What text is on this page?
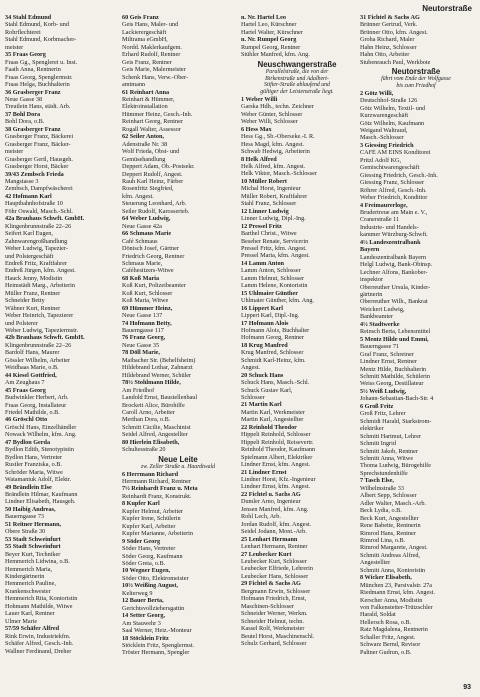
Neutorstraße
34 Stahl Edmund
Stahl Edmund, Korb- und
Rohrflechterei
Stahl Edmund, Korbmacher-
meister
35 Fraas Georg
Fraas Gg., Spenglerei u. Inst.
Faath Anna, Rentnerin
Fraas Georg, Spenglermstr.
Fraas Helga, Buchhalterin
36 Grasberger Franz
Neue Gasse 38
Treutlein Hans, städt. Arb.
37 Bohl Dora
Bohl Dora, o.B.
38 Grasberger Franz
Grasberger Franz, Bäckerei
Grasberger Franz, Bäcker-
meister
Grasberger Gertl, Hausgeh.
Grasberger Horst, Bäcker
39/43 Zembsch Frieda
Mangstasse 3
Zembsch, Dampfwäscherei
42 Hofmann Karl
Hauptbahnhofstraße 10
Föhr Oswald, Masch.-Schl.
42a Brauhaus Schwft. GmbH.
Klingenbrunnstraße 22–26
Seifert Karl Eugen,
Zahnwarengroßhandlung
Weber Ludwig, Tapezier-
und Polstergeschäft
Endreß Fritz, Kraftfahrer
Endreß Jürgen, kfm. Angest.
Hauck Jenny, Modistin
Heimstädt Marg., Arbeiterin
Müller Franz, Rentner
Schneider Betty
Wähner Kurt, Rentner
Weber Heinrich, Tapezierer
und Polsterer
Weber Ludwig, Tapeziermstr.
42b Brauhaus Schwft. GmbH.
Klingenbrunnstraße 22–26
Bardolf Hans, Maurer
Gössler Wilhelm, Arbeiter
Weidhaas Marie, o.B.
44 Kiesel Gottfried,
Am Zeughaus 7
45 Fraas Georg
Budwinkler Herbert, Arb.
Fraas Georg, Installateur
Friedel Mathilde, o.B.
46 Gröschl Otto
Gröschl Hans, Einzelhändler
Nowack Wilhelm, kfm. Ang.
47 Bydlon Gerda
Bydlon Edith, Stenotypistin
Bydlon Hans, Vertreter
Rustler Franziska, o.B.
Schröder Maria, Witwe
Watamaniuk Adolf, Elektr.
49 Brändlein Else
Brändlein Hilmar, Kaufmann
Lindner Elisabeth, Hausgeh.
50 Haibig Andreas,
Bauerngasse 73
51 Reitner Hermann,
Obere Straße 30
53 Stadt Schweinfurt
55 Stadt Schweinfurt
Beyer Kurt, Techniker
Hemmerich Lidwina, o.B.
Hemmerich Maria,
Kindergärtnerin
Hemmerich Pauline,
Krankenschwester
Hemmerich Rita, Kontoristin
Hohmann Mathilde, Witwe
Lauer Karl, Rentner
Ulmer Marie
57/59 Schäfer Alfred
Rink Erwin, Industriekfm.
Schäfer Alfred, Gesch.-Inh.
Wallner Ferdinand, Dreher
60 Geis Franz
Geis Hans, Maler- und
Lackierergeschäft
Miltrama eGmbH,
Nordd. Maklerkaufgem.
Erhard Rudolf, Rentner
Geis Franz, Rentner
Geis Marie, Malermeister
Schenk Hans, Verw.-Ober-
amtmann
61 Reinhart Anna
Reinhart & Hümmer,
Elektroinstallation
Hümmer Heinz, Gesch.-Inh.
Reinhart Georg, Rentner
Rogall Walter, Assessor
62 Seiler Anton,
Adenstraße Nr. 38
Wolf Frieda, Obst- und
Gemüsehandlung
Deppert Adam, Ob.-Postsekr.
Deppert Rudolf, Angest.
Rauh Karl Heinz, Färber
Rosenfritz Siegfried,
kfm. Angest.
Steuerung Leonhard, Arb.
Seiler Rudolf, Karosserieb.
64 Weber Ludwig,
Neue Gasse 42a
66 Schmaus Marie
Café Schmaus
Dönisch Josef, Gärtner
Friedrich Georg, Rentner
Schmaus Marie,
Caféhesitzers-Witwe
68 Koß Maria
Koß Kurt, Polizeibeamter
Koß Kurt, Schlosser
Koß Maria, Witwe
69 Hümmer Heinz,
Neue Gasse 137
74 Hofmann Betty,
Bauerngasse 117
76 Franz Georg,
Neue Gasse 35
78 Döll Marie,
Maibacher Str. (Behelfsheim)
Hildebrand Lothar, Zahnarzt
Hildebrand Werner, Schüler
78½ Stohlmann Hilde,
Am Friedhof
Landold Ernst, Baustellenbaul
Brockett Alice, Bürohilfe
Caroll Arno, Arbeiter
Merthan Dora, o.B.
Schmitt Cäcilie, Maschinist
Seidel Alfred, Angestellter
80 Hierlein Elisabeth,
Schultesstraße 20
Neue Leite
zw. Zeller Straße u. Haardtwald
6 Herrmann Richard
Herrmann Richard, Rentner
7½ Reinhardt Franz u. Meta
Reinhardt Franz, Konstrukt.
8 Kupfer Karl
Kupfer Helmut, Arbeiter
Kupfer Irene, Schülerin
Kupfer Karl, Arbeiter
Kupfer Marianne, Arbeiterin
9 Söder Georg
Söder Hans, Vertreter
Söder Georg, Kaufmann
Söder Greta, o.B.
10 Wegner Eugen,
Söder Otto, Elektromeister
10½ Weißing August,
Kelterweg 9
12 Bauer Berta,
Gerichtsvollziehersgattin
14 Setter Georg,
Am Stauwehr 3
Saal Werner, Heiz.-Monteur
18 Stöcklein Fritz
Stöcklein Fritz, Spenglermst.
Tröster Hermann, Spengler
n. Nr. Hartel Leo
Hartel Leo, Kürschner
Hartel Walter, Kürschner
n. Nr. Rumpel Georg
Rumpel Georg, Rentner
Stühler Manfred, kfm. Ang.
Neuschwangerstraße
Parallelstraße, die von der
Birkenstraße und Adalbert-
Stifter-Straße ablaufend und
gültiger der Leistenstraße liegt.
1 Weber Willi
Garska Hdh., techn. Zeichner
Weber Günter, Schlosser
Weber Willi, Schlosser
6 Hess Max
Hess Gg., Sb.-Oberseke.-I. R.
Hess Magd, kfm. Angest.
Schwab Hedwig, Arbeiterin
8 Helk Alfred
Helk Alfred, kfm. Angest.
Helk Viktor, Masch.-Schlosser
10 Müller Robert
Michal Horst, Ingenieur
Müller Robert, Kraftfahrer
Stahl Franz, Schlosser
12 Linner Ludwig
Linner Ludwig, Dipl.-Ing.
12 Pressel Fritz
Barthel Christ., Witwe
Beseher Renate, Servicerin
Pressel Fritz, kfm. Angest.
Pressel Maria, kfm. Angest.
14 Lamm Anton
Lamm Anton, Schlosser
Lamm Helmut, Schlosser
Lamm Helene, Kontoristin
15 Uhlmaier Günther
Uhlmaier Günther, kfm. Ang.
16 Lippert Karl
Lippert Karl, Dipl.-Ing.
17 Hofmann Alois
Hofmann Alois, Buchhalter
Hofmann Georg, Rentner
18 Krug Manfred
Krug Manfred, Schlosser
Schmidt Karl-Heinz, kfm.
Angest.
20 Schuck Hans
Schuck Hans, Masch.-Schl.
Schuck Gustav Karl,
Schlosser
21 Martin Karl
Martin Karl, Werkmeister
Martin Karl, Angestellter
22 Reinhold Theodor
Hippeli Reinhold, Schlosser
Hippeli Reinhold, Reisevertr.
Reinhold Theodor, Kaufmann
Spielmann Albert, Elektriker
Lindner Ernst, kfm. Angest.
21 Lindner Ernst
Lindner Horst, Kfz.-Ingenieur
Lindner Ernst, kfm. Angest.
22 Fichtel u. Sachs AG
Dumler Arno, Ingenieur
Jensen Manfred, kfm. Ang.
Rohl Lech, Arb.
Jordan Rudolf, kfm. Angest.
Seidel Jodann, Mont.-Arb.
25 Lenhart Hermann
Lenhart Hermann, Rentner
27 Leubecker Kurt
Leubecker Kurt, Schlosser
Leubecker Elfriede, Lehrerin
Leubecker Hans, Schlosser
29 Fichtel & Sachs AG
Bergmann Erwin, Schlosser
Hofmann Friedrich, Ernst,
Maschinen-Schlosser
Schneider Werner, Werkm.
Schneider Helmut, techn.
Kassel Rolf, Werkmeister
Beutel Horst, Maschinenschl.
Schulz Gerhard, Schlosser
31 Fichtel & Sachs AG
Brünner Gertrud, Verk.
Brünner Otto, kfm. Angest.
Groha Richard, Maler
Hahn Heinz, Schlosser
Hahn Otto, Arbeiter
Stubenrauch Paul, Werkbote
Neutorstraße
führt vom Ende der Wolfgasse
bis zum Friedhof
2 Götz Willi,
Deutschhof-Straße 126
Götz Wilhelm, Textil- und
Kurzwarengeschäft
Götz Wilhelm, Kaufmann
Weigand Waltraud,
Masch.-Schlosser
3 Giessing Friedrich
CAFÉ AM EINS Konditorei
Pritzl Adolf KG,
Gemischtwarengeschäft
Giessing Friedrich, Gesch.-Inh.
Giessing Franz, Schlosser
Röhrer Alfred, Gesch.-Inh.
Weber Friedrich, Kondittor
4 Freimaurerloge,
Brudertreue am Main e. V.,
Cranerstraße 11
Industrie- und Handels-
kammer Würzburg-Schwft.
4½ Landeszentralbank
Bayern
Landeszentralbank Bayern
Helgl Ludwig, Bank-Obinsp.
Lechner Alfons, Bankober-
inspektor
Oberreuther Ursula, Kinder-
gärtnerin
Oberreuther Wilh., Bankrat
Weickert Ludwig,
Bankbeamter
4½ Stadtwerke
Reinsch Berta, Lebensmittel
5 Mentz Hilde und Emmi,
Bauerngasse 71
Graf Franz, Schreiner
Lindner Ernst, Rentner
Mentz Hilde, Buchhalterin
Schmitt Mathilde, Schülerin
Weiss Georg, Destillateur
5½ Weiß Ludwig,
Johann-Sebastian-Bach-Str. 4
6 Groß Fritz
Groß Fritz, Lehrer
Schmidt Harald, Starkstrom-
elektriker
Schmitt Hartmut, Lehrer
Schmitt Ingrid
Schmitt Jakob, Rentner
Schmitt Anna, Witwe
Thoma Ludwig, Bürogehilfe
Sprechstundenhilfe
7 Tasch Else,
Wilhelmstraße 33
Albert Sepp, Schlosser
Adler Walter, Masch.-Arb.
Beck Lydia, o.B.
Beck Kurt, Angestellter
Rene Babette, Rentnerin
Rimrod Hans, Rentner
Rimrod Lina, o.B.
Rimrod Margarete, Angest.
Schmitt Andreas Alfred,
Angestellter
Schmitt Anna, Kontoristin
8 Wicker Elisabeth,
München 23, Parsivalstr. 27a
Riedmann Ernst, kfm. Angest.
Kerscher Anna, Modistin
von Falkenstetter-Trützschler
Harald, Soldat
Hellersch Rosa, o.B.
Ratz Magdalena, Rentnerin
Schaller Fritz, Angest.
Schwarz Bernd, Revisor
Paltner Gudrun, o.B.
93
